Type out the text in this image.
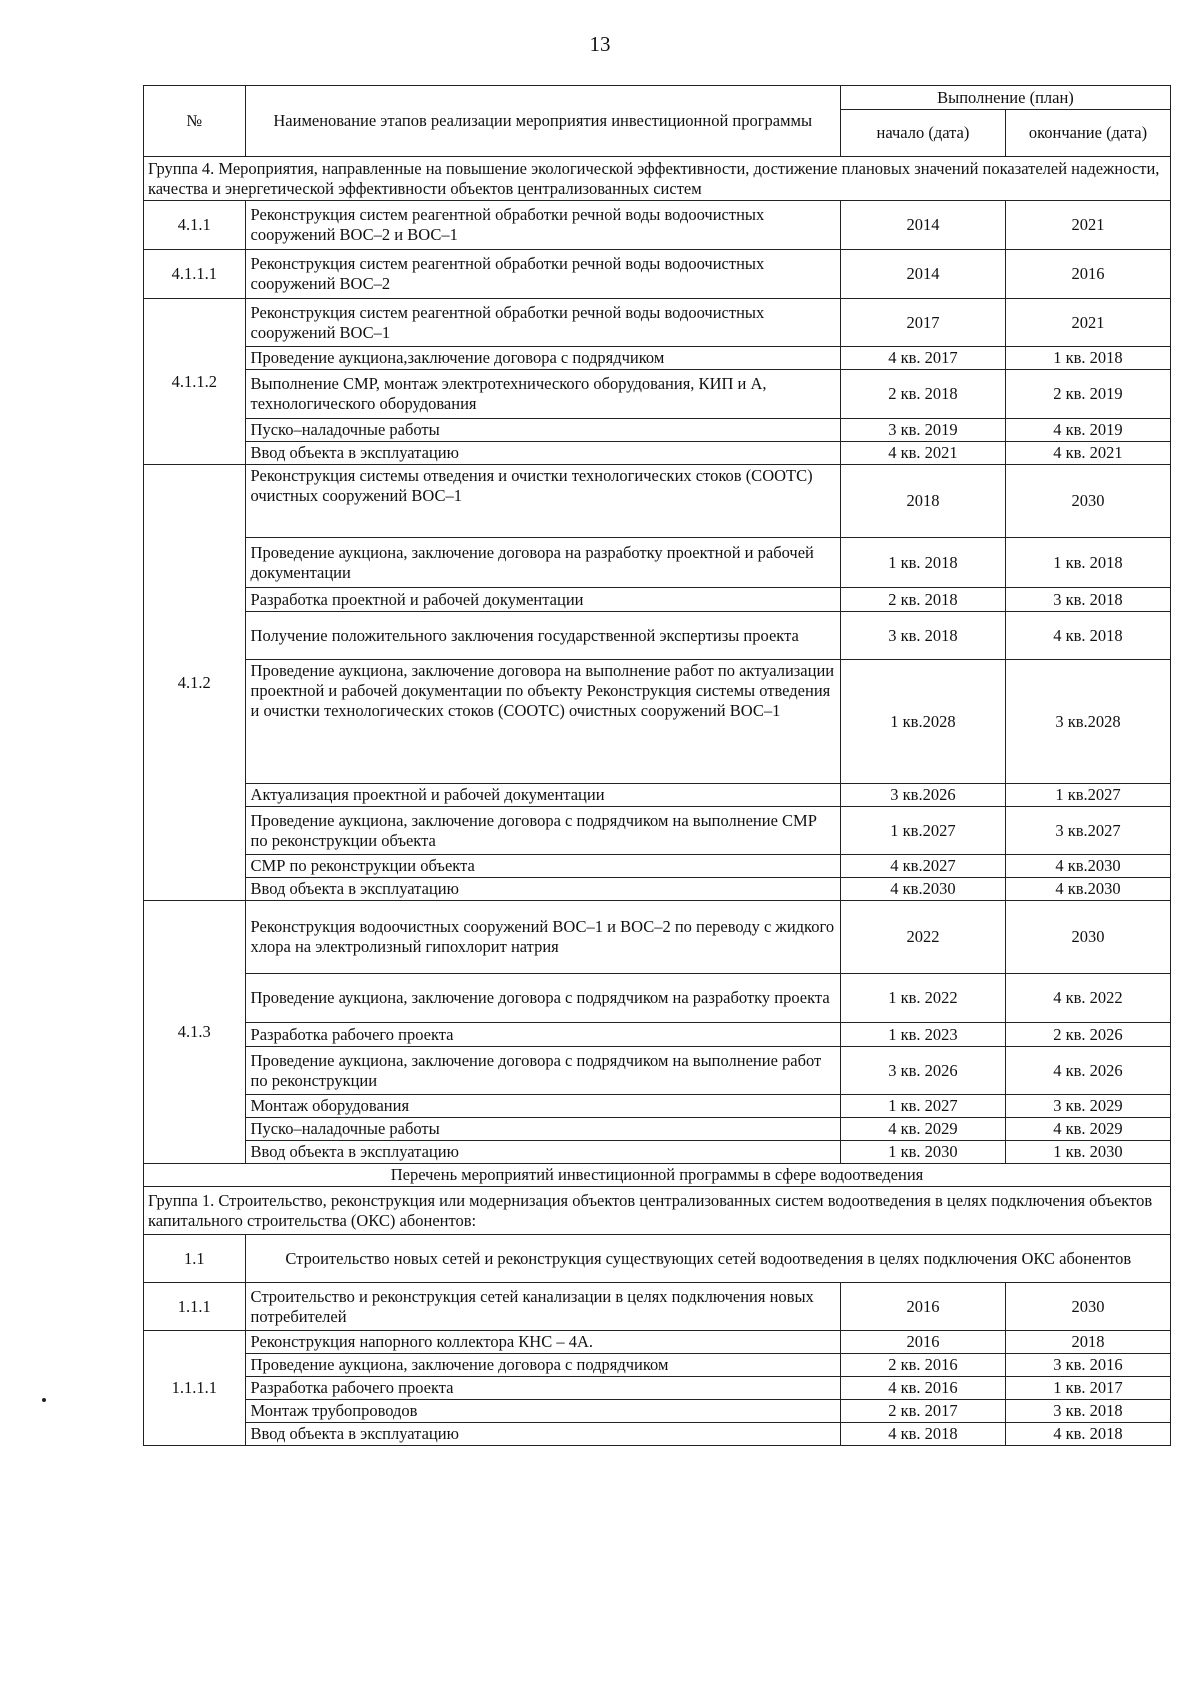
13
№	Наименование этапов реализации мероприятия инвестиционной программы	Выполнение (план)	
		начало (дата)	окончание (дата)
Группа 4. Мероприятия, направленные на повышение экологической эффективности, достижение плановых значений показателей надежности, качества и энергетической эффективности объектов централизованных систем			
4.1.1	Реконструкция систем реагентной обработки речной воды водоочистных сооружений ВОС–2 и ВОС–1	2014	2021
4.1.1.1	Реконструкция систем реагентной обработки речной воды водоочистных сооружений ВОС–2	2014	2016
4.1.1.2	Реконструкция систем реагентной обработки речной воды водоочистных сооружений ВОС–1	2017	2021
	Проведение аукциона,заключение договора с подрядчиком	4 кв. 2017	1 кв. 2018
	Выполнение СМР, монтаж электротехнического оборудования, КИП и А, технологического оборудования	2 кв. 2018	2 кв. 2019
	Пуско–наладочные работы	3 кв. 2019	4 кв. 2019
	Ввод объекта в эксплуатацию	4 кв. 2021	4 кв. 2021
4.1.2	Реконструкция системы отведения и очистки технологических стоков (СООТС) очистных сооружений ВОС–1	2018	2030
	Проведение аукциона, заключение договора на разработку проектной и рабочей документации	1 кв. 2018	1 кв. 2018
	Разработка проектной и рабочей документации	2 кв. 2018	3 кв. 2018
	Получение положительного заключения государственной экспертизы проекта	3 кв. 2018	4 кв. 2018
	Проведение аукциона, заключение договора на выполнение работ по актуализации проектной и рабочей документации по объекту Реконструкция системы отведения и очистки технологических стоков (СООТС) очистных сооружений ВОС–1	1 кв.2028	3 кв.2028
	Актуализация проектной и рабочей документации	3 кв.2026	1 кв.2027
	Проведение аукциона, заключение договора с подрядчиком на выполнение СМР по реконструкции объекта	1 кв.2027	3 кв.2027
	СМР по реконструкции объекта	4 кв.2027	4 кв.2030
	Ввод объекта в эксплуатацию	4 кв.2030	4 кв.2030
4.1.3	Реконструкция водоочистных сооружений ВОС–1 и ВОС–2 по переводу с жидкого хлора на электролизный гипохлорит натрия	2022	2030
	Проведение аукциона, заключение договора с подрядчиком на разработку проекта	1 кв. 2022	4 кв. 2022
	Разработка рабочего проекта	1 кв. 2023	2 кв. 2026
	Проведение аукциона, заключение договора с подрядчиком на выполнение работ по реконструкции	3 кв. 2026	4 кв. 2026
	Монтаж оборудования	1 кв. 2027	3 кв. 2029
	Пуско–наладочные работы	4 кв. 2029	4 кв. 2029
	Ввод объекта в эксплуатацию	1 кв. 2030	1 кв. 2030
Перечень мероприятий инвестиционной программы в сфере водоотведения			
Группа 1. Строительство, реконструкция или модернизация объектов централизованных систем водоотведения в целях подключения объектов капитального строительства (ОКС) абонентов:			
1.1	Строительство новых сетей и реконструкция существующих сетей водоотведения в целях подключения ОКС абонентов		
1.1.1	Строительство и реконструкция сетей канализации в целях подключения новых потребителей	2016	2030
1.1.1.1	Реконструкция напорного коллектора КНС – 4А.	2016	2018
	Проведение аукциона, заключение договора с подрядчиком	2 кв. 2016	3 кв. 2016
	Разработка рабочего проекта	4 кв. 2016	1 кв. 2017
	Монтаж трубопроводов	2 кв. 2017	3 кв. 2018
	Ввод объекта в эксплуатацию	4 кв. 2018	4 кв. 2018
